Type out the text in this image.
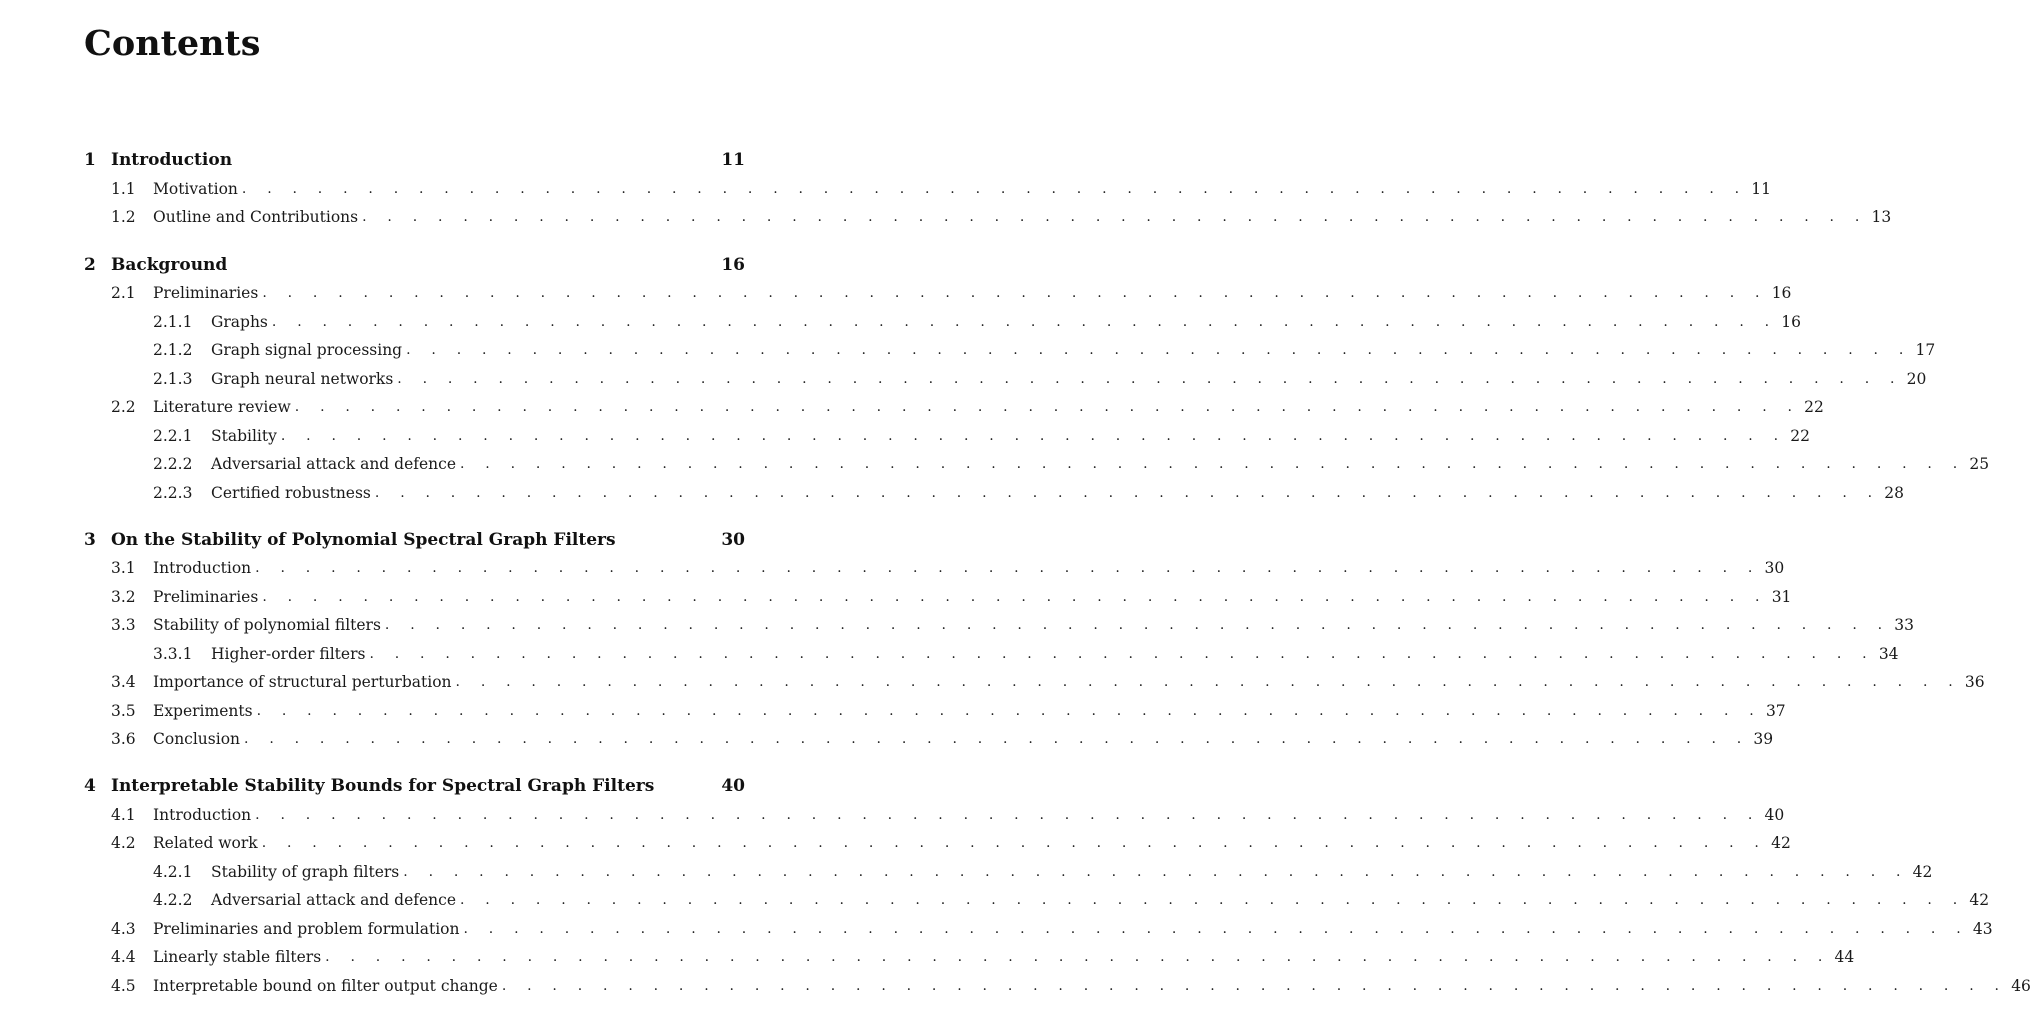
Contents
1 Introduction	11
1.1	Motivation . . . . . . . . . . . . . . . . . . . . . . . . . . . . . . . . . . . . . . . . . . . . . . . . . . . . . . . . . . . . 11
1.2	Outline and Contributions . . . . . . . . . . . . . . . . . . . . . . . . . . . . . . . . . . . . . . . . . . . . . . . . . . . . . . . . . . . . 13
2 Background	16
2.1	Preliminaries . . . . . . . . . . . . . . . . . . . . . . . . . . . . . . . . . . . . . . . . . . . . . . . . . . . . . . . . . . . . 16
2.1.1	Graphs . . . . . . . . . . . . . . . . . . . . . . . . . . . . . . . . . . . . . . . . . . . . . . . . . . . . . . . . . . . . 16
2.1.2	Graph signal processing . . . . . . . . . . . . . . . . . . . . . . . . . . . . . . . . . . . . . . . . . . . . . . . . . . . . . . . . . . . . 17
2.1.3	Graph neural networks . . . . . . . . . . . . . . . . . . . . . . . . . . . . . . . . . . . . . . . . . . . . . . . . . . . . . . . . . . . . 20
2.2	Literature review . . . . . . . . . . . . . . . . . . . . . . . . . . . . . . . . . . . . . . . . . . . . . . . . . . . . . . . . . . . . 22
2.2.1	Stability . . . . . . . . . . . . . . . . . . . . . . . . . . . . . . . . . . . . . . . . . . . . . . . . . . . . . . . . . . . . 22
2.2.2	Adversarial attack and defence . . . . . . . . . . . . . . . . . . . . . . . . . . . . . . . . . . . . . . . . . . . . . . . . . . . . . . . . . . . . 25
2.2.3	Certified robustness . . . . . . . . . . . . . . . . . . . . . . . . . . . . . . . . . . . . . . . . . . . . . . . . . . . . . . . . . . . . 28
3 On the Stability of Polynomial Spectral Graph Filters	30
3.1	Introduction . . . . . . . . . . . . . . . . . . . . . . . . . . . . . . . . . . . . . . . . . . . . . . . . . . . . . . . . . . . . 30
3.2	Preliminaries . . . . . . . . . . . . . . . . . . . . . . . . . . . . . . . . . . . . . . . . . . . . . . . . . . . . . . . . . . . . 31
3.3	Stability of polynomial filters . . . . . . . . . . . . . . . . . . . . . . . . . . . . . . . . . . . . . . . . . . . . . . . . . . . . . . . . . . . . 33
3.3.1	Higher-order filters . . . . . . . . . . . . . . . . . . . . . . . . . . . . . . . . . . . . . . . . . . . . . . . . . . . . . . . . . . . . 34
3.4	Importance of structural perturbation . . . . . . . . . . . . . . . . . . . . . . . . . . . . . . . . . . . . . . . . . . . . . . . . . . . . . . . . . . . . 36
3.5	Experiments . . . . . . . . . . . . . . . . . . . . . . . . . . . . . . . . . . . . . . . . . . . . . . . . . . . . . . . . . . . . 37
3.6	Conclusion . . . . . . . . . . . . . . . . . . . . . . . . . . . . . . . . . . . . . . . . . . . . . . . . . . . . . . . . . . . . 39
4 Interpretable Stability Bounds for Spectral Graph Filters	40
4.1	Introduction . . . . . . . . . . . . . . . . . . . . . . . . . . . . . . . . . . . . . . . . . . . . . . . . . . . . . . . . . . . . 40
4.2	Related work . . . . . . . . . . . . . . . . . . . . . . . . . . . . . . . . . . . . . . . . . . . . . . . . . . . . . . . . . . . . 42
4.2.1	Stability of graph filters . . . . . . . . . . . . . . . . . . . . . . . . . . . . . . . . . . . . . . . . . . . . . . . . . . . . . . . . . . . . 42
4.2.2	Adversarial attack and defence . . . . . . . . . . . . . . . . . . . . . . . . . . . . . . . . . . . . . . . . . . . . . . . . . . . . . . . . . . . . 42
4.3	Preliminaries and problem formulation . . . . . . . . . . . . . . . . . . . . . . . . . . . . . . . . . . . . . . . . . . . . . . . . . . . . . . . . . . . . 43
4.4	Linearly stable filters . . . . . . . . . . . . . . . . . . . . . . . . . . . . . . . . . . . . . . . . . . . . . . . . . . . . . . . . . . . . 44
4.5	Interpretable bound on filter output change . . . . . . . . . . . . . . . . . . . . . . . . . . . . . . . . . . . . . . . . . . . . . . . . . . . . . . . . . . . . 46
